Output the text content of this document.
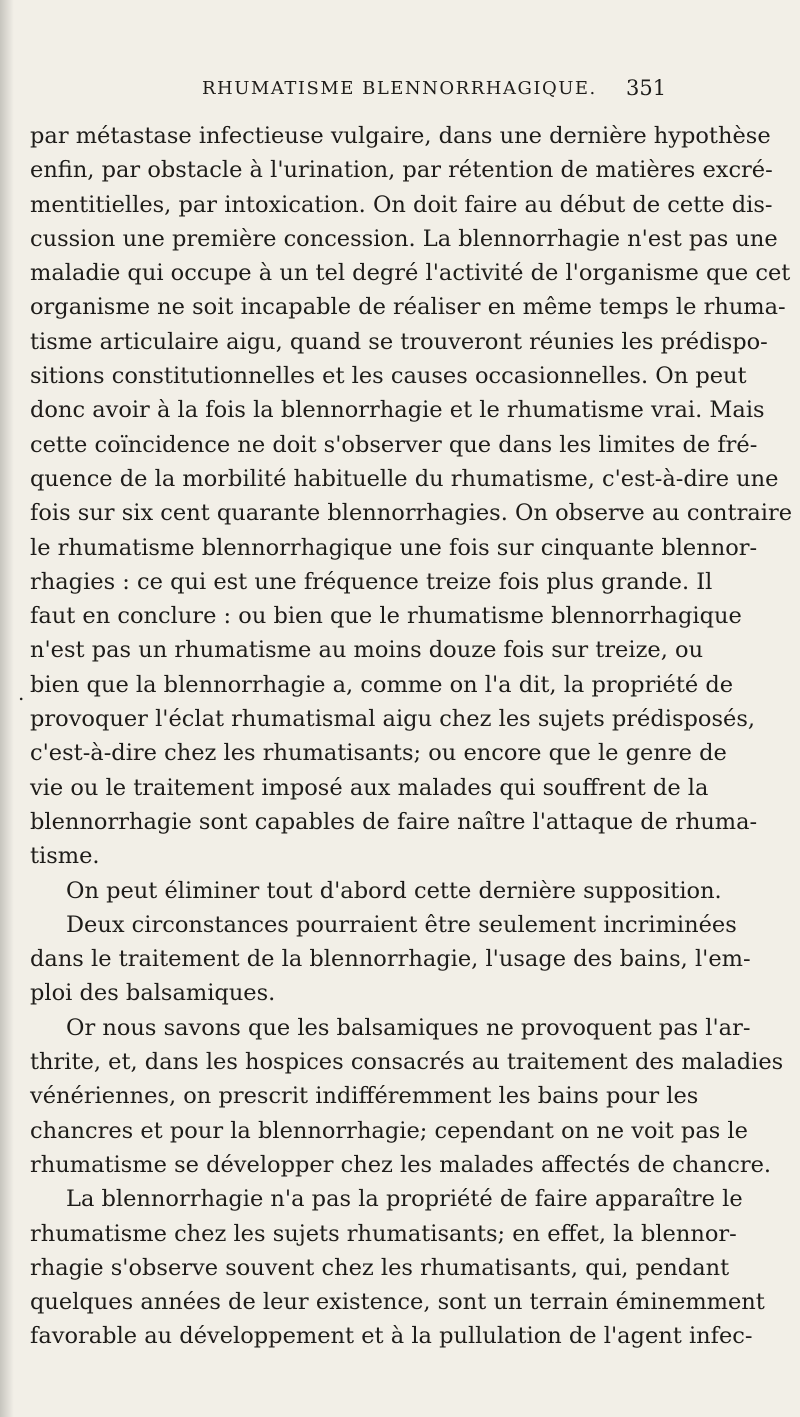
RHUMATISME BLENNORRHAGIQUE. 351
.
par métastase infectieuse vulgaire, dans une dernière hypothèse
enfin, par obstacle à l'urination, par rétention de matières excré-
mentitielles, par intoxication. On doit faire au début de cette dis-
cussion une première concession. La blennorrhagie n'est pas une
maladie qui occupe à un tel degré l'activité de l'organisme que cet
organisme ne soit incapable de réaliser en même temps le rhuma-
tisme articulaire aigu, quand se trouveront réunies les prédispo-
sitions constitutionnelles et les causes occasionnelles. On peut
donc avoir à la fois la blennorrhagie et le rhumatisme vrai. Mais
cette coïncidence ne doit s'observer que dans les limites de fré-
quence de la morbilité habituelle du rhumatisme, c'est-à-dire une
fois sur six cent quarante blennorrhagies. On observe au contraire
le rhumatisme blennorrhagique une fois sur cinquante blennor-
rhagies : ce qui est une fréquence treize fois plus grande. Il
faut en conclure : ou bien que le rhumatisme blennorrhagique
n'est pas un rhumatisme au moins douze fois sur treize, ou
bien que la blennorrhagie a, comme on l'a dit, la propriété de
provoquer l'éclat rhumatismal aigu chez les sujets prédisposés,
c'est-à-dire chez les rhumatisants; ou encore que le genre de
vie ou le traitement imposé aux malades qui souffrent de la
blennorrhagie sont capables de faire naître l'attaque de rhuma-
tisme.
On peut éliminer tout d'abord cette dernière supposition.
Deux circonstances pourraient être seulement incriminées
dans le traitement de la blennorrhagie, l'usage des bains, l'em-
ploi des balsamiques.
Or nous savons que les balsamiques ne provoquent pas l'ar-
thrite, et, dans les hospices consacrés au traitement des maladies
vénériennes, on prescrit indifféremment les bains pour les
chancres et pour la blennorrhagie; cependant on ne voit pas le
rhumatisme se développer chez les malades affectés de chancre.
La blennorrhagie n'a pas la propriété de faire apparaître le
rhumatisme chez les sujets rhumatisants; en effet, la blennor-
rhagie s'observe souvent chez les rhumatisants, qui, pendant
quelques années de leur existence, sont un terrain éminemment
favorable au développement et à la pullulation de l'agent infec-
